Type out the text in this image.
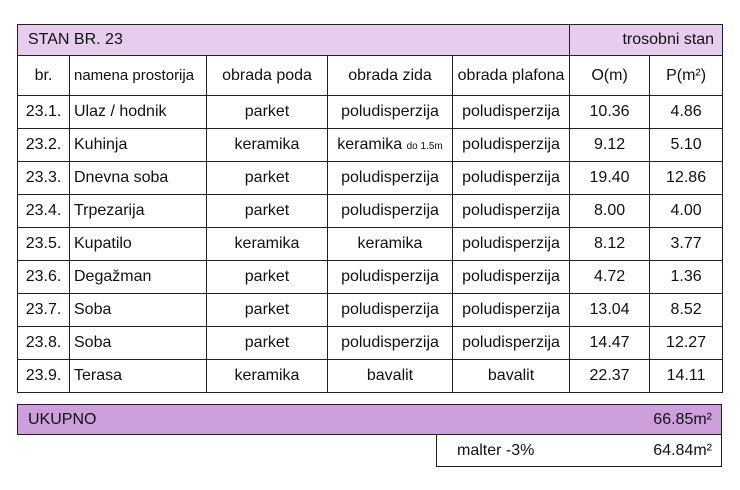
STAN BR. 23					trosobni stan	
br.	namena prostorija	obrada poda	obrada zida	obrada plafona	O(m)	P(m²)
23.1.	Ulaz / hodnik	parket	poludisperzija	poludisperzija	10.36	4.86
23.2.	Kuhinja	keramika	keramika do 1.5m	poludisperzija	9.12	5.10
23.3.	Dnevna soba	parket	poludisperzija	poludisperzija	19.40	12.86
23.4.	Trpezarija	parket	poludisperzija	poludisperzija	8.00	4.00
23.5.	Kupatilo	keramika	keramika	poludisperzija	8.12	3.77
23.6.	Degažman	parket	poludisperzija	poludisperzija	4.72	1.36
23.7.	Soba	parket	poludisperzija	poludisperzija	13.04	8.52
23.8.	Soba	parket	poludisperzija	poludisperzija	14.47	12.27
23.9.	Terasa	keramika	bavalit	bavalit	22.37	14.11
UKUPNO	66.85m²
malter -3%	64.84m²
